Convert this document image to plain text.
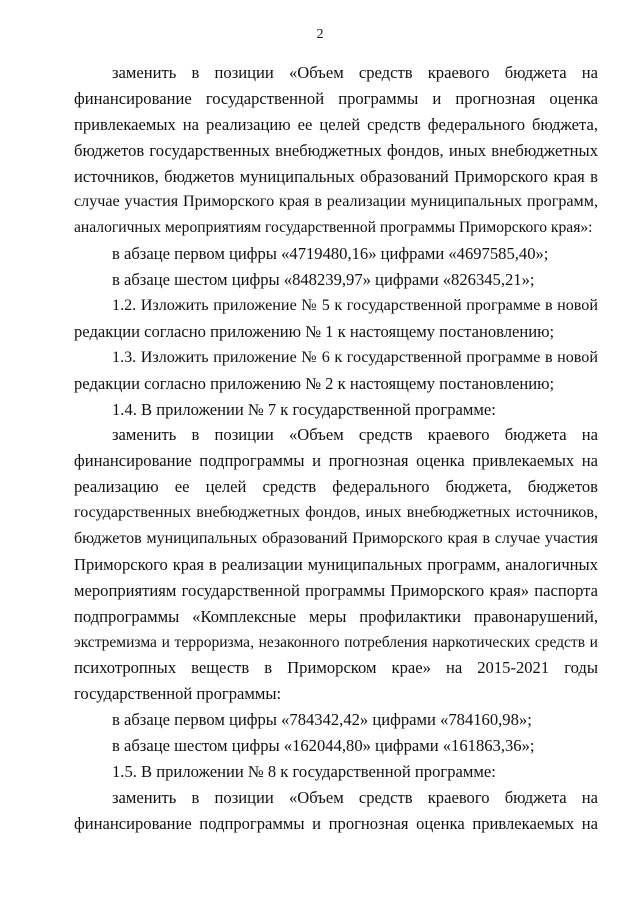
2
заменить в позиции «Объем средств краевого бюджета на
финансирование государственной программы и прогнозная оценка
привлекаемых на реализацию ее целей средств федерального бюджета,
бюджетов государственных внебюджетных фондов, иных внебюджетных
источников, бюджетов муниципальных образований Приморского края в
случае участия Приморского края в реализации муниципальных программ,
аналогичных мероприятиям государственной программы Приморского края»:
в абзаце первом цифры «4719480,16» цифрами «4697585,40»;
в абзаце шестом цифры «848239,97» цифрами «826345,21»;
1.2. Изложить приложение № 5 к государственной программе в новой
редакции согласно приложению № 1 к настоящему постановлению;
1.3. Изложить приложение № 6 к государственной программе в новой
редакции согласно приложению № 2 к настоящему постановлению;
1.4. В приложении № 7 к государственной программе:
заменить в позиции «Объем средств краевого бюджета на
финансирование подпрограммы и прогнозная оценка привлекаемых на
реализацию ее целей средств федерального бюджета, бюджетов
государственных внебюджетных фондов, иных внебюджетных источников,
бюджетов муниципальных образований Приморского края в случае участия
Приморского края в реализации муниципальных программ, аналогичных
мероприятиям государственной программы Приморского края» паспорта
подпрограммы «Комплексные меры профилактики правонарушений,
экстремизма и терроризма, незаконного потребления наркотических средств и
психотропных веществ в Приморском крае» на 2015-2021 годы
государственной программы:
в абзаце первом цифры «784342,42» цифрами «784160,98»;
в абзаце шестом цифры «162044,80» цифрами «161863,36»;
1.5. В приложении № 8 к государственной программе:
заменить в позиции «Объем средств краевого бюджета на
финансирование подпрограммы и прогнозная оценка привлекаемых на
